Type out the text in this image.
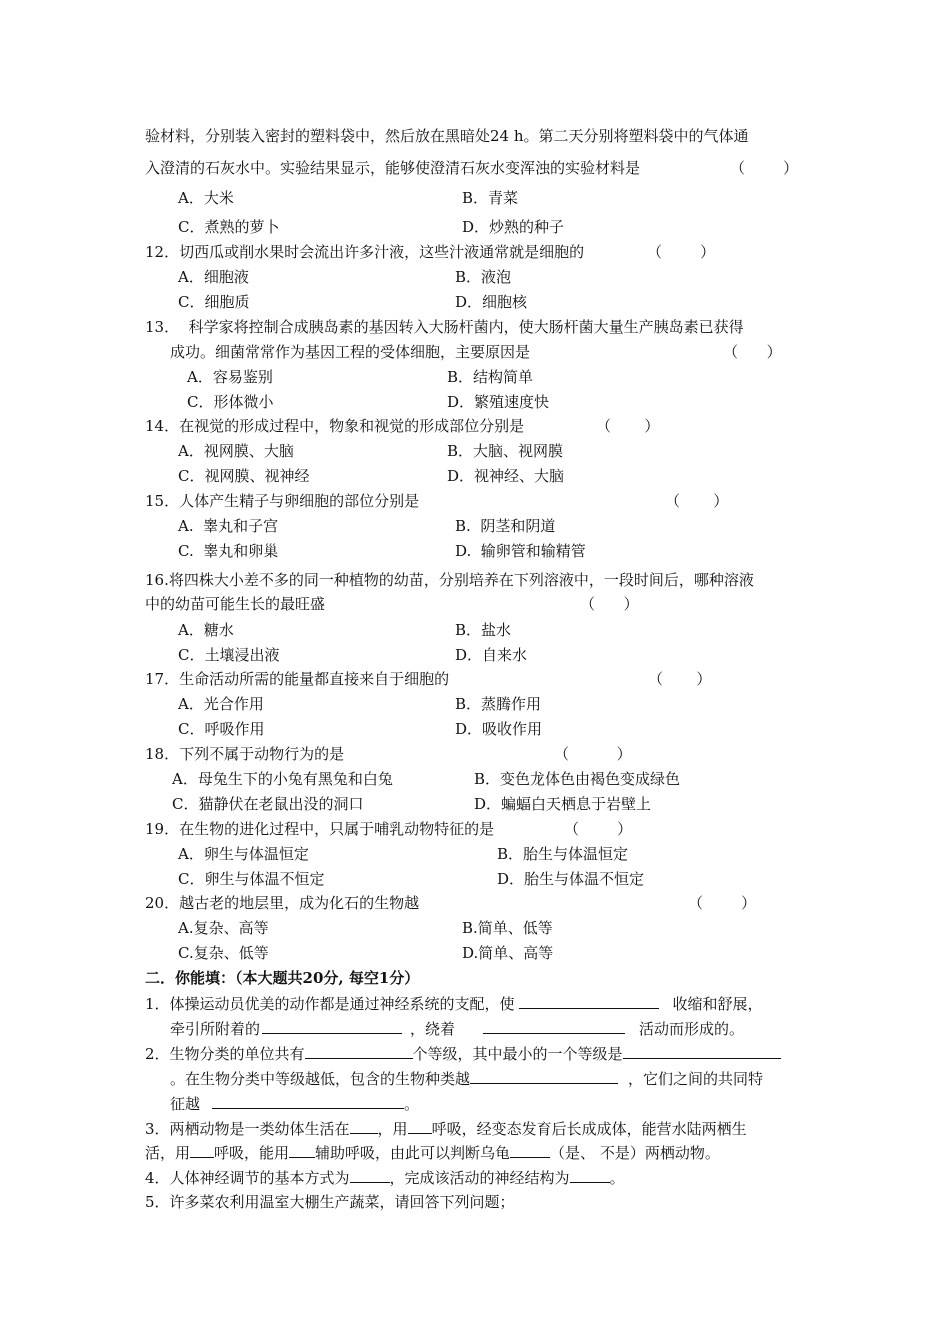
验材料，分别装入密封的塑料袋中，然后放在黑暗处24 h。第二天分别将塑料袋中的气体通
入澄清的石灰水中。实验结果显示，能够使澄清石灰水变浑浊的实验材料是	（        ）
A．大米	B．青菜
C．煮熟的萝卜	D．炒熟的种子
12．切西瓜或削水果时会流出许多汁液，这些汁液通常就是细胞的	（        ）
A．细胞液	B．液泡
C．细胞质	D．细胞核
13．  科学家将控制合成胰岛素的基因转入大肠杆菌内，使大肠杆菌大量生产胰岛素已获得
成功。细菌常常作为基因工程的受体细胞，主要原因是	（      ）
A．容易鉴别	B．结构简单
C．形体微小	D．繁殖速度快
14．在视觉的形成过程中，物象和视觉的形成部位分别是	（       ）
A．视网膜、大脑	B．大脑、视网膜
C．视网膜、视神经	D．视神经、大脑
15．人体产生精子与卵细胞的部位分别是	（       ）
A.  睾丸和子宫	B.  阴茎和阴道
C.  睾丸和卵巢	D.  输卵管和输精管
16.将四株大小差不多的同一种植物的幼苗，分别培养在下列溶液中，一段时间后，哪种溶液
中的幼苗可能生长的最旺盛	（      ）
A．糖水	B．盐水
C．土壤浸出液	D．自来水
17．生命活动所需的能量都直接来自于细胞的	（       ）
A．光合作用	B．蒸腾作用
C．呼吸作用	D．吸收作用
18．下列不属于动物行为的是	（          ）
A．母兔生下的小兔有黑兔和白兔	B．变色龙体色由褐色变成绿色
C．猫静伏在老鼠出没的洞口	D．蝙蝠白天栖息于岩壁上
19．在生物的进化过程中，只属于哺乳动物特征的是	（        ）
A．卵生与体温恒定	B．胎生与体温恒定
C．卵生与体温不恒定	D．胎生与体温不恒定
20．越古老的地层里，成为化石的生物越	（        ）
A.复杂、高等	B.简单、低等
C.复杂、低等	D.简单、高等
二．你能填：（本大题共20分, 每空1分）
1．体操运动员优美的动作都是通过神经系统的支配，使	收缩和舒展，
牵引所附着的	，绕着	活动而形成的。
2．生物分类的单位共有	个等级，其中最小的一个等级是
。在生物分类中等级越低，包含的生物种类越	，它们之间的共同特
征越	。
3．两栖动物是一类幼体生活在 ，用 呼吸，经变态发育后长成成体，能营水陆两栖生
活，用 呼吸，能用 辅助呼吸，由此可以判断乌龟	（是、 不是）两栖动物。
4．人体神经调节的基本方式为	，完成该活动的神经结构为	。
5．许多菜农利用温室大棚生产蔬菜，请回答下列问题；
